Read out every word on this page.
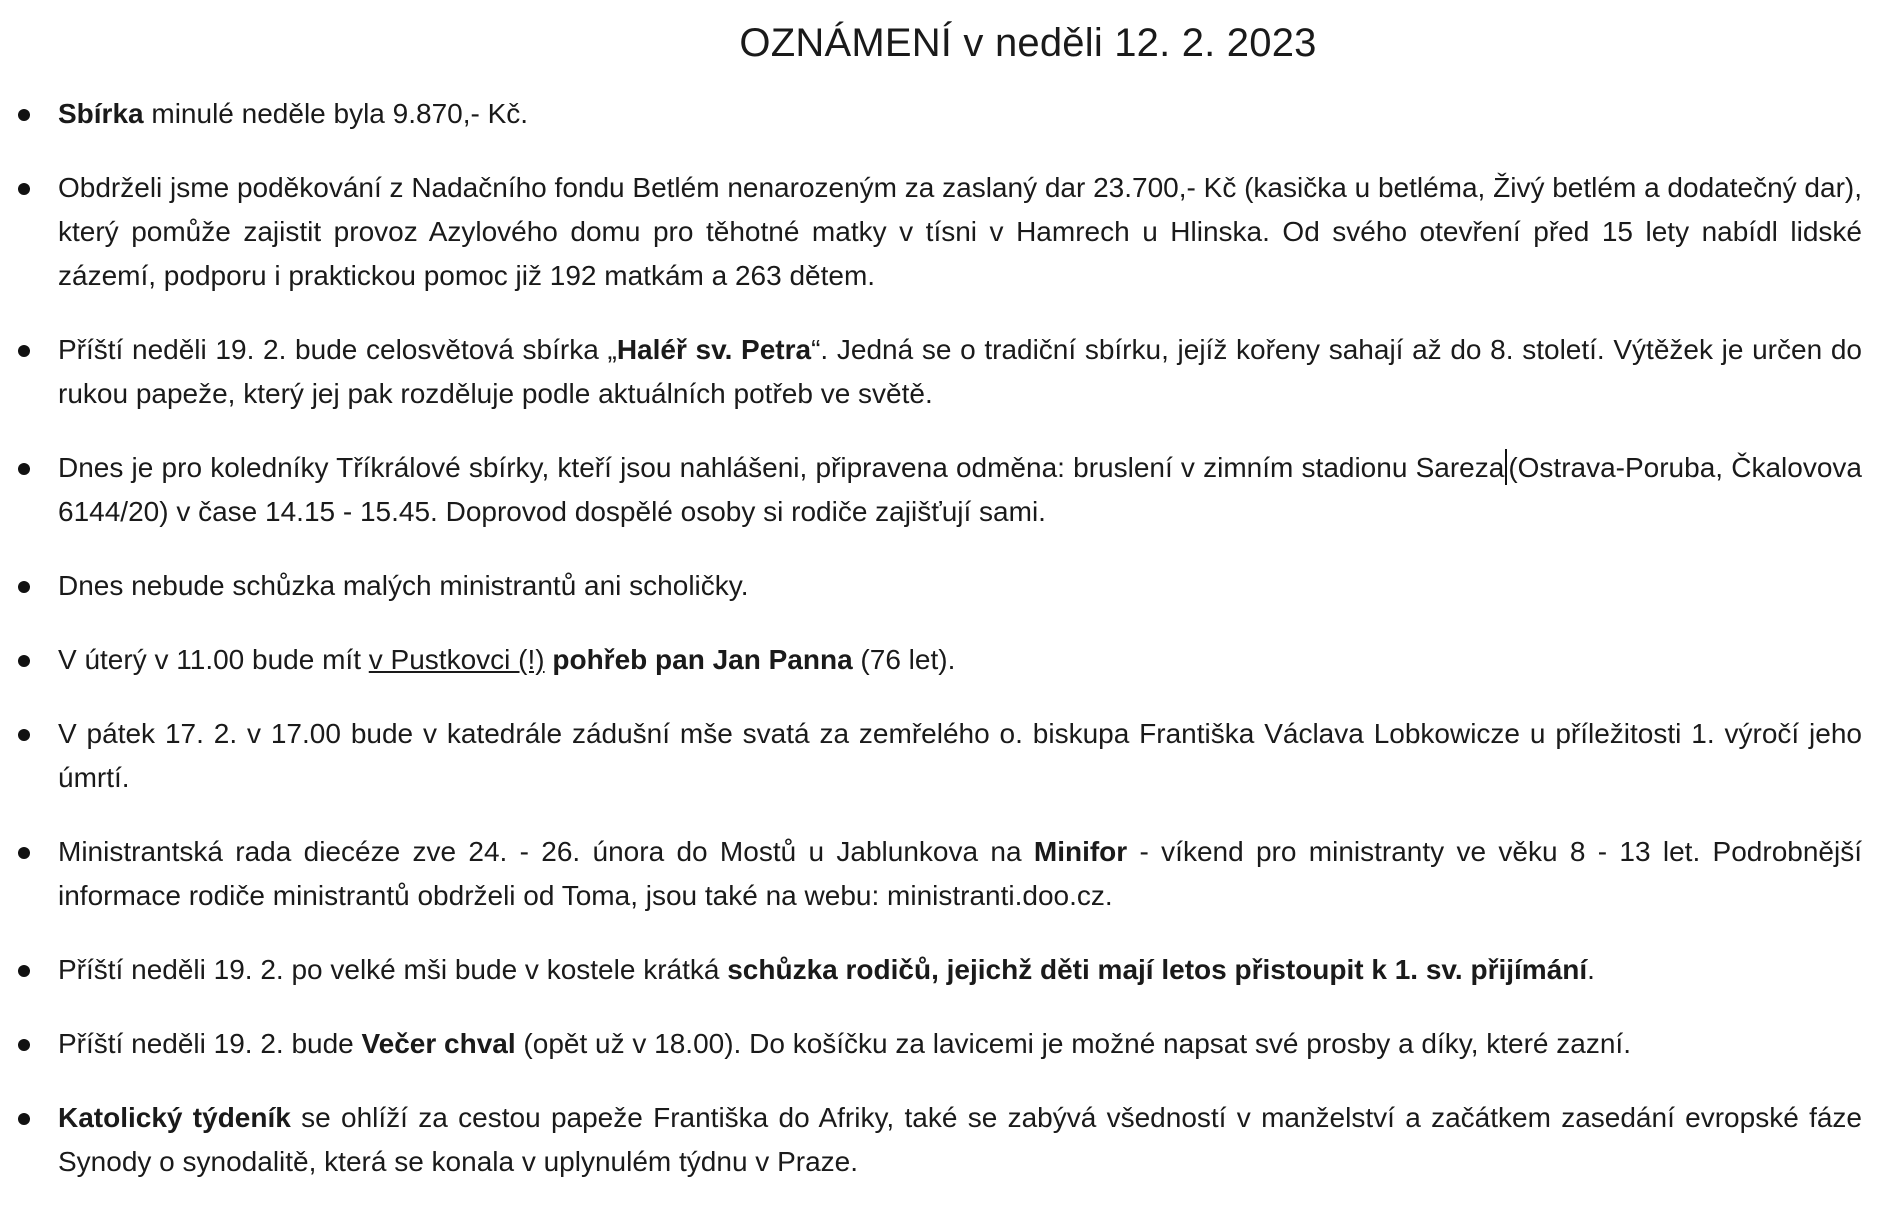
OZNÁMENÍ v neděli 12. 2. 2023
Sbírka minulé neděle byla 9.870,- Kč.
Obdrželi jsme poděkování z Nadačního fondu Betlém nenarozeným za zaslaný dar 23.700,- Kč (kasička u betléma, Živý betlém a dodatečný dar), který pomůže zajistit provoz Azylového domu pro těhotné matky v tísni v Hamrech u Hlinska. Od svého otevření před 15 lety nabídl lidské zázemí, podporu i praktickou pomoc již 192 matkám a 263 dětem.
Příští neděli 19. 2. bude celosvětová sbírka „Haléř sv. Petra“. Jedná se o tradiční sbírku, jejíž kořeny sahají až do 8. století. Výtěžek je určen do rukou papeže, který jej pak rozděluje podle aktuálních potřeb ve světě.
Dnes je pro koledníky Tříkrálové sbírky, kteří jsou nahlášeni, připravena odměna: bruslení v zimním stadionu Sareza (Ostrava-Poruba, Čkalovova 6144/20) v čase 14.15 - 15.45. Doprovod dospělé osoby si rodiče zajišťují sami.
Dnes nebude schůzka malých ministrantů ani scholičky.
V úterý v 11.00 bude mít v Pustkovci (!) pohřeb pan Jan Panna (76 let).
V pátek 17. 2. v 17.00 bude v katedrále zádušní mše svatá za zemřelého o. biskupa Františka Václava Lobkowicze u příležitosti 1. výročí jeho úmrtí.
Ministrantská rada diecéze zve 24. - 26. února do Mostů u Jablunkova na Minifor - víkend pro ministranty ve věku 8 - 13 let. Podrobnější informace rodiče ministrantů obdrželi od Toma, jsou také na webu: ministranti.doo.cz.
Příští neděli 19. 2. po velké mši bude v kostele krátká schůzka rodičů, jejichž děti mají letos přistoupit k 1. sv. přijímání.
Příští neděli 19. 2. bude Večer chval (opět už v 18.00). Do košíčku za lavicemi je možné napsat své prosby a díky, které zazní.
Katolický týdeník se ohlíží za cestou papeže Františka do Afriky, také se zabývá všedností v manželství a začátkem zasedání evropské fáze Synody o synodalitě, která se konala v uplynulém týdnu v Praze.
